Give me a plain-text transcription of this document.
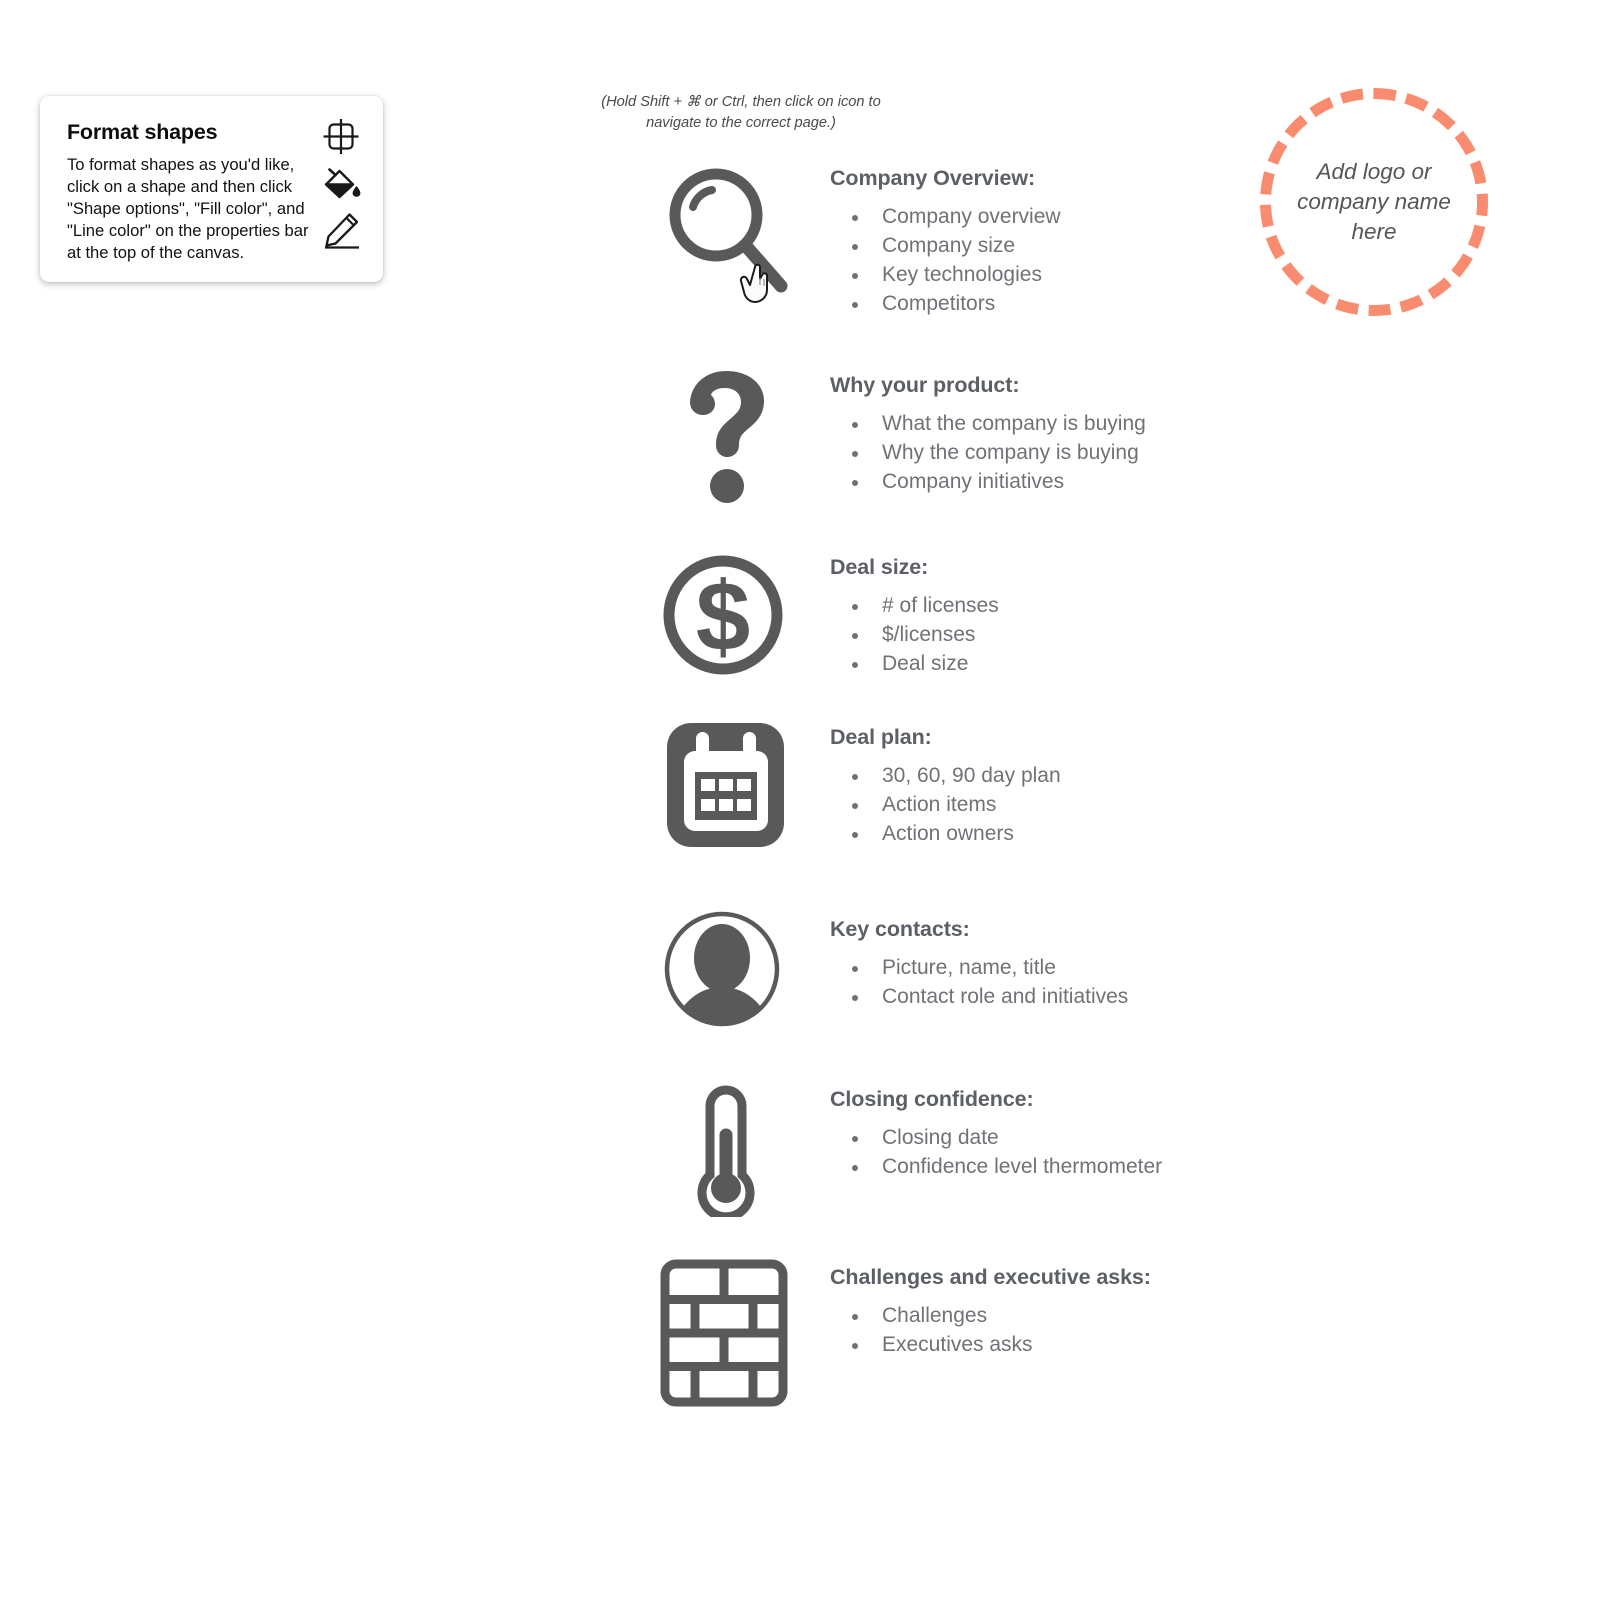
Format shapes
To format shapes as you'd like, click on a shape and then click "Shape options", "Fill color", and "Line color" on the properties bar at the top of the canvas.
(Hold Shift + ⌘ or Ctrl, then click on icon to navigate to the correct page.)
Add logo or company name here
Company Overview:
Company overview
Company size
Key technologies
Competitors
Why your product:
What the company is buying
Why the company is buying
Company initiatives
$	Deal size:
# of licenses
$/licenses
Deal size
Deal plan:
30, 60, 90 day plan
Action items
Action owners
Key contacts:
Picture, name, title
Contact role and initiatives
Closing confidence:
Closing date
Confidence level thermometer
Challenges and executive asks:
Challenges
Executives asks
